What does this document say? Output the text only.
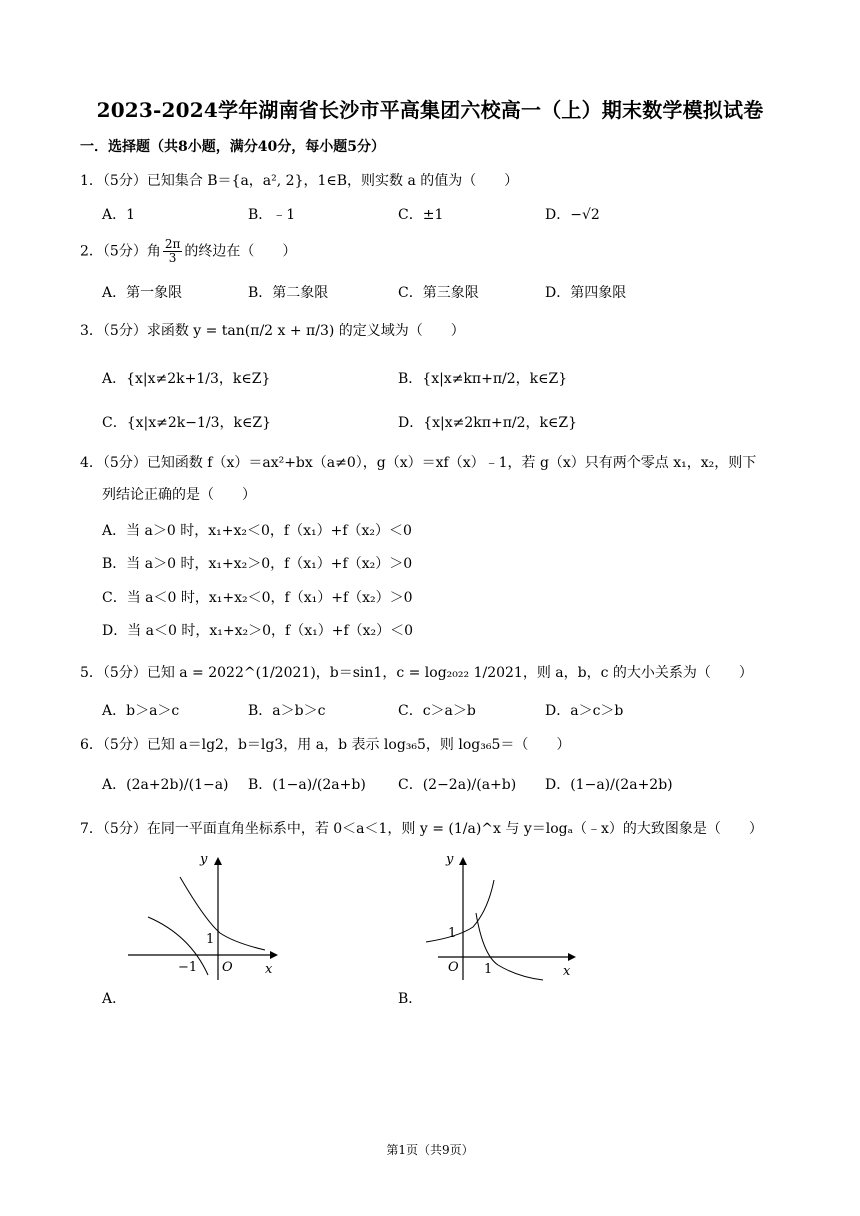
2023-2024学年湖南省长沙市平高集团六校高一（上）期末数学模拟试卷
一．选择题（共8小题，满分40分，每小题5分）
1．（5分）已知集合 B＝{a，a², 2}，1∈B，则实数 a 的值为（　　）
A．1	B．﹣1	C．±1	D．−√2
2．（5分）角 $\frac{2\pi}{3}$ 的终边在（　　）
A．第一象限	B．第二象限	C．第三象限	D．第四象限
3．（5分）求函数 y = tan(π/2 x + π/3) 的定义域为（　　）
A．{x|x≠2k+1/3，k∈Z}	B．{x|x≠kπ+π/2，k∈Z}
C．{x|x≠2k−1/3，k∈Z}	D．{x|x≠2kπ+π/2，k∈Z}
4．（5分）已知函数 f（x）＝ax²+bx（a≠0），g（x）＝xf（x）﹣1，若 g（x）只有两个零点 x₁，x₂，则下
列结论正确的是（　　）
A．当 a＞0 时，x₁+x₂＜0，f（x₁）+f（x₂）＜0
B．当 a＞0 时，x₁+x₂＞0，f（x₁）+f（x₂）＞0
C．当 a＜0 时，x₁+x₂＜0，f（x₁）+f（x₂）＞0
D．当 a＜0 时，x₁+x₂＞0，f（x₁）+f（x₂）＜0
5．（5分）已知 a = 2022^(1/2021)，b＝sin1，c = log₂₀₂₂ 1/2021，则 a，b，c 的大小关系为（　　）
A．b＞a＞c	B．a＞b＞c	C．c＞a＞b	D．a＞c＞b
6．（5分）已知 a＝lg2，b＝lg3，用 a，b 表示 log₃₆5，则 log₃₆5＝（　　）
A．(2a+2b)/(1−a) B．(1−a)/(2a+b) C．(2−2a)/(a+b) D．(1−a)/(2a+2b)
7．（5分）在同一平面直角坐标系中，若 0＜a＜1，则 y = (1/a)^x 与 y＝logₐ（﹣x）的大致图象是（　　）
y
x
O
1
−1
A．
y
x
O
1
1
B．
第1页（共9页）
